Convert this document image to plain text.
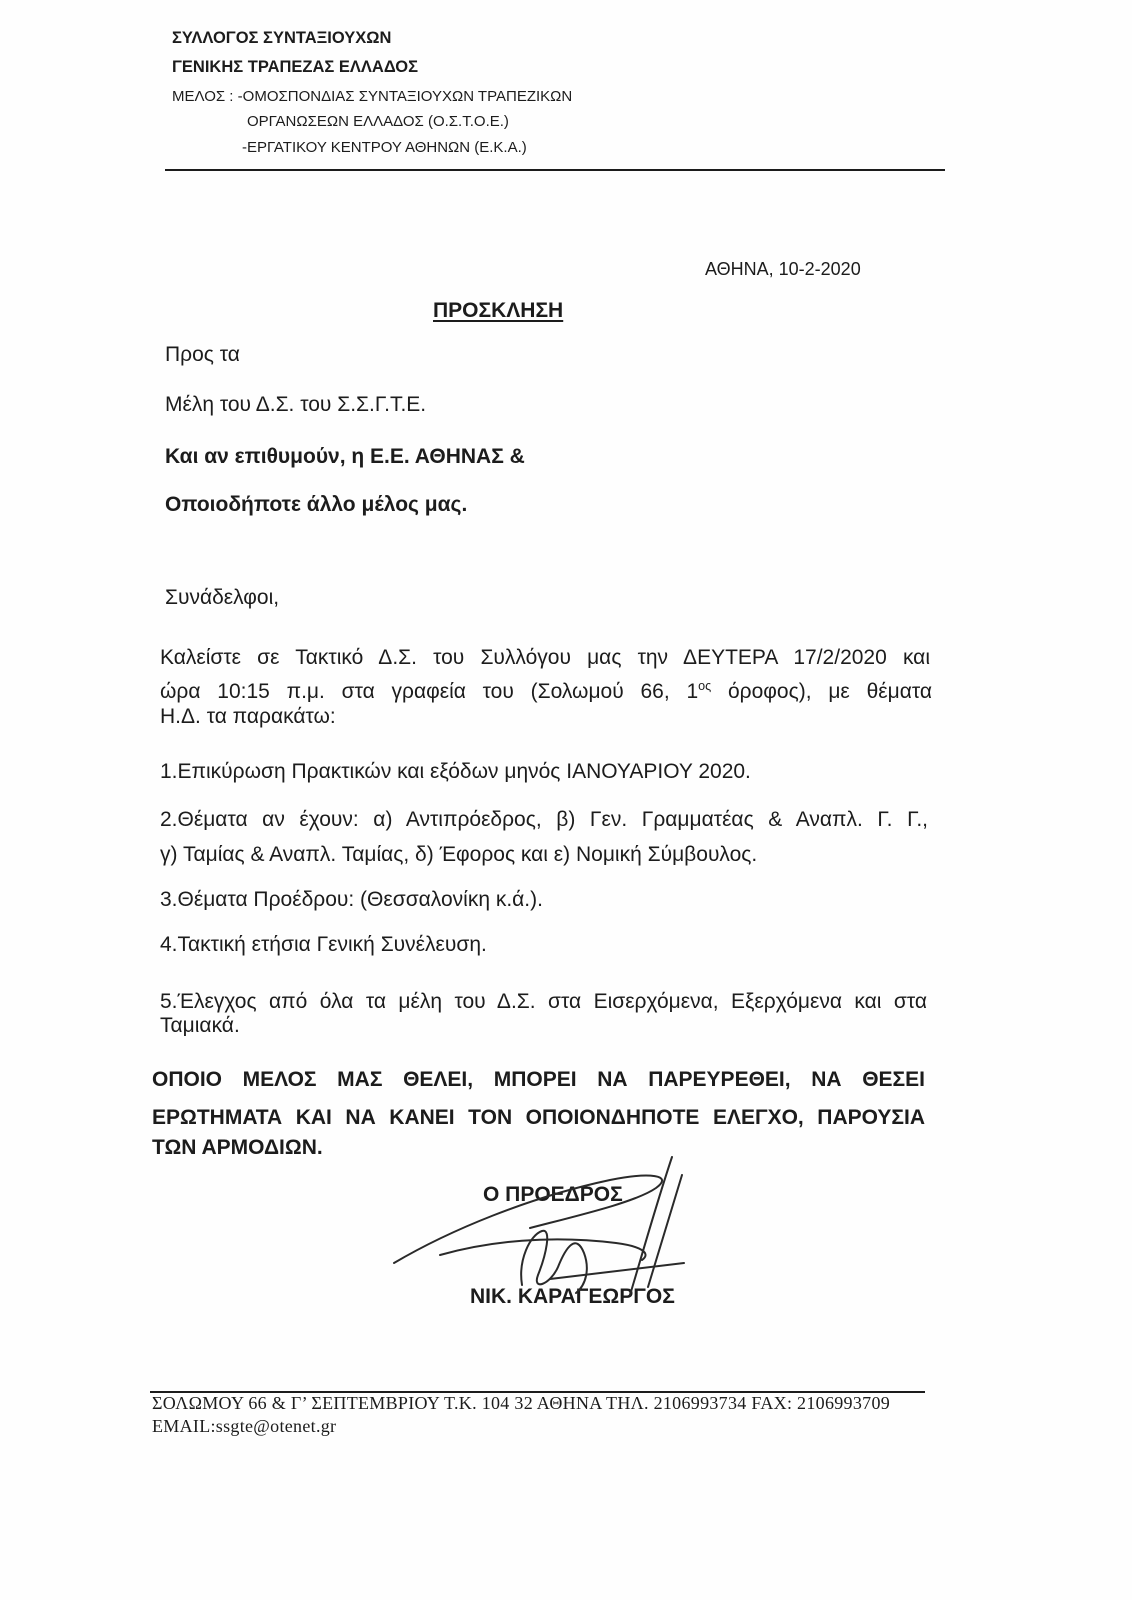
ΣΥΛΛΟΓΟΣ ΣΥΝΤΑΞΙΟΥΧΩΝ
ΓΕΝΙΚΗΣ ΤΡΑΠΕΖΑΣ ΕΛΛΑΔΟΣ
ΜΕΛΟΣ : -ΟΜΟΣΠΟΝΔΙΑΣ ΣΥΝΤΑΞΙΟΥΧΩΝ ΤΡΑΠΕΖΙΚΩΝ
ΟΡΓΑΝΩΣΕΩΝ ΕΛΛΑΔΟΣ (Ο.Σ.Τ.Ο.Ε.)
-ΕΡΓΑΤΙΚΟΥ ΚΕΝΤΡΟΥ ΑΘΗΝΩΝ (Ε.Κ.Α.)
ΑΘΗΝΑ, 10-2-2020
ΠΡΟΣΚΛΗΣΗ
Προς τα
Μέλη του Δ.Σ. του Σ.Σ.Γ.Τ.Ε.
Και αν επιθυμούν, η Ε.Ε. ΑΘΗΝΑΣ &
Οποιοδήποτε άλλο μέλος μας.
Συνάδελφοι,
Καλείστε σε Τακτικό Δ.Σ. του Συλλόγου μας την ΔΕΥΤΕΡΑ 17/2/2020 και
ώρα 10:15 π.μ. στα γραφεία του (Σολωμού 66, $1^{o\varsigma}$ όροφος), με θέματα
Η.Δ. τα παρακάτω:
1.Επικύρωση Πρακτικών και εξόδων μηνός ΙΑΝΟΥΑΡΙΟΥ 2020.
2.Θέματα αν έχουν: α) Αντιπρόεδρος, β) Γεν. Γραμματέας & Αναπλ. Γ. Γ.,
γ) Ταμίας & Αναπλ. Ταμίας, δ) Έφορος και ε) Νομική Σύμβουλος.
3.Θέματα Προέδρου: (Θεσσαλονίκη κ.ά.).
4.Τακτική ετήσια Γενική Συνέλευση.
5.Έλεγχος από όλα τα μέλη του Δ.Σ. στα Εισερχόμενα, Εξερχόμενα και στα
Ταμιακά.
ΟΠΟΙΟ ΜΕΛΟΣ ΜΑΣ ΘΕΛΕΙ, ΜΠΟΡΕΙ ΝΑ ΠΑΡΕΥΡΕΘΕΙ, ΝΑ ΘΕΣΕΙ
ΕΡΩΤΗΜΑΤΑ ΚΑΙ ΝΑ ΚΑΝΕΙ ΤΟΝ ΟΠΟΙΟΝΔΗΠΟΤΕ ΕΛΕΓΧΟ, ΠΑΡΟΥΣΙΑ
ΤΩΝ ΑΡΜΟΔΙΩΝ.
Ο ΠΡΟΕΔΡΟΣ
ΝΙΚ. ΚΑΡΑΓΕΩΡΓΟΣ
ΣΟΛΩΜΟΥ 66 & Γ’ ΣΕΠΤΕΜΒΡΙΟΥ Τ.Κ. 104 32 ΑΘΗΝΑ ΤΗΛ. 2106993734 FAX: 2106993709
EMAIL:ssgte@otenet.gr
